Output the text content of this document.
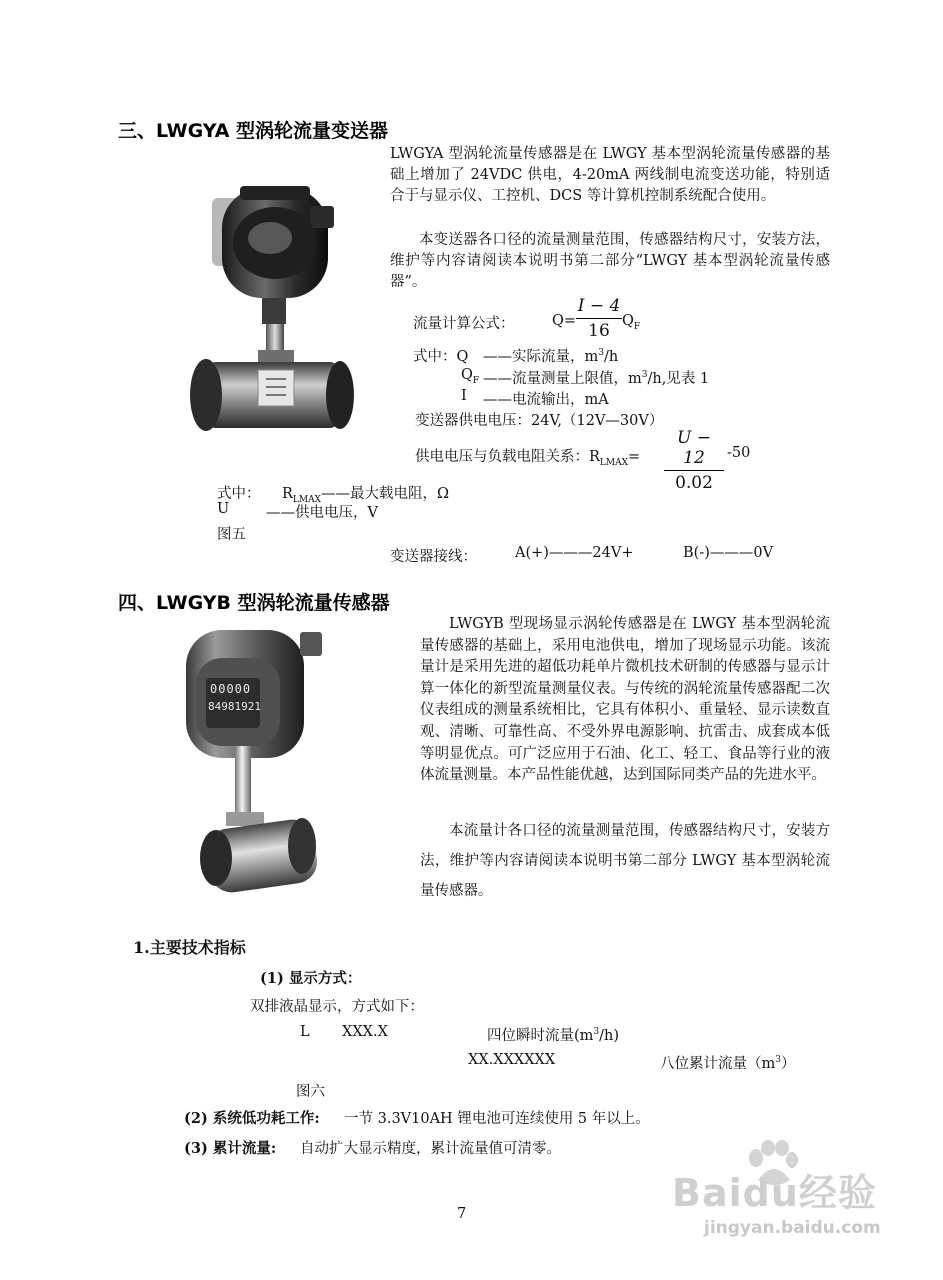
三、LWGYA 型涡轮流量变送器
LWGYA 型涡轮流量传感器是在 LWGY 基本型涡轮流量传感器的基础上增加了 24VDC 供电，4-20mA 两线制电流变送功能，特别适合于与显示仪、工控机、DCS 等计算机控制系统配合使用。
本变送器各口径的流量测量范围，传感器结构尺寸，安装方法，维护等内容请阅读本说明书第二部分“LWGY 基本型涡轮流量传感器”。
流量计算公式：	Q=
I − 4
16 $Q_F$
式中：Q ——实际流量，$m^3/h$
$Q_F$ ——流量测量上限值，$m^3/h$,见表 1
I ——电流输出，mA
变送器供电电压：24V,（12V—30V）
供电电压与负载电阻关系：$R_{LMAX}=$
U − 12
0.02
-50
式中： $R_{LMAX}——$最大载电阻，Ω
U	——供电电压，V
图五
变送器接线：	A(+)———24V+	B(-)———0V
四、LWGYB 型涡轮流量传感器
00000
84981921
LWGYB 型现场显示涡轮传感器是在 LWGY 基本型涡轮流量传感器的基础上，采用电池供电，增加了现场显示功能。该流量计是采用先进的超低功耗单片微机技术研制的传感器与显示计算一体化的新型流量测量仪表。与传统的涡轮流量传感器配二次仪表组成的测量系统相比，它具有体积小、重量轻、显示读数直观、清晰、可靠性高、不受外界电源影响、抗雷击、成套成本低等明显优点。可广泛应用于石油、化工、轻工、食品等行业的液体流量测量。本产品性能优越，达到国际同类产品的先进水平。
本流量计各口径的流量测量范围，传感器结构尺寸，安装方法，维护等内容请阅读本说明书第二部分 LWGY 基本型涡轮流量传感器。
1.主要技术指标
(1) 显示方式：
双排液晶显示，方式如下：
L XXX.X	四位瞬时流量$(m^3/h)$
XX.XXXXXX	八位累计流量$(m^3)$
图六
(2) 系统低功耗工作: 一节 3.3V10AH 锂电池可连续使用 5 年以上。
(3) 累计流量: 自动扩大显示精度，累计流量值可清零。
7	Baidu经验
jingyan.baidu.com
